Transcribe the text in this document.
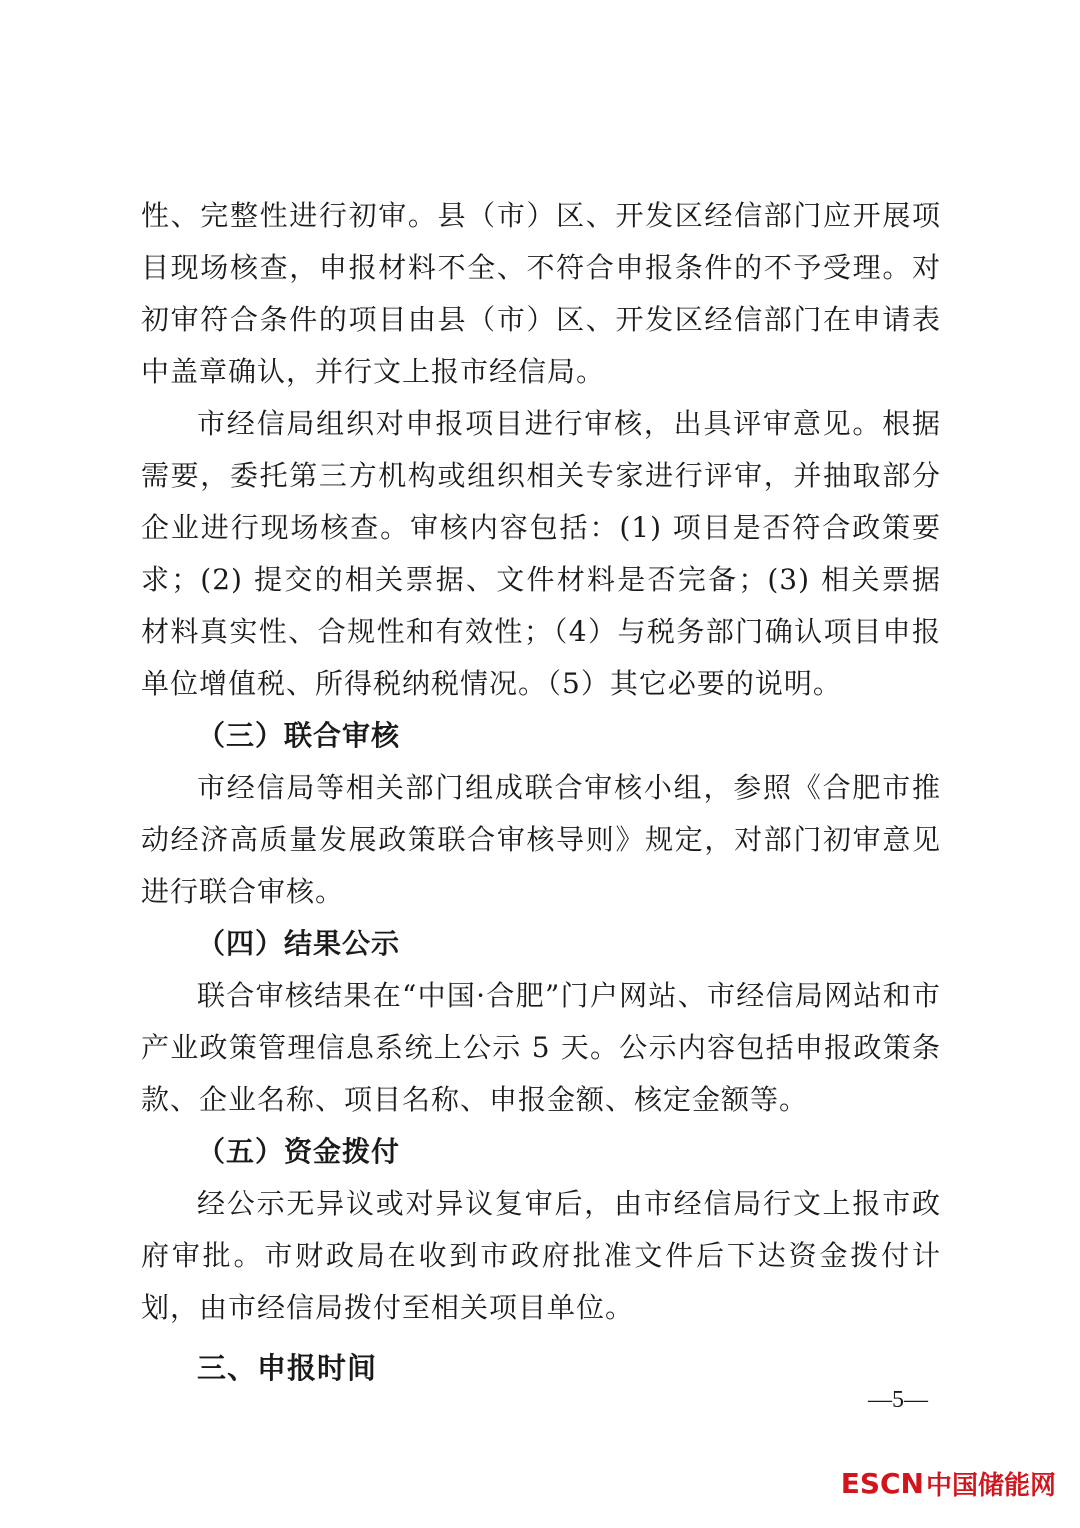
性、完整性进行初审。县（市）区、开发区经信部门应开展项目现场核查，申报材料不全、不符合申报条件的不予受理。对初审符合条件的项目由县（市）区、开发区经信部门在申请表中盖章确认，并行文上报市经信局。

市经信局组织对申报项目进行审核，出具评审意见。根据需要，委托第三方机构或组织相关专家进行评审，并抽取部分企业进行现场核查。审核内容包括：(1) 项目是否符合政策要求；(2) 提交的相关票据、文件材料是否完备；(3) 相关票据材料真实性、合规性和有效性；（4）与税务部门确认项目申报单位增值税、所得税纳税情况。（5）其它必要的说明。

（三）联合审核

市经信局等相关部门组成联合审核小组，参照《合肥市推动经济高质量发展政策联合审核导则》规定，对部门初审意见进行联合审核。

（四）结果公示

联合审核结果在“中国·合肥”门户网站、市经信局网站和市产业政策管理信息系统上公示 5 天。公示内容包括申报政策条款、企业名称、项目名称、申报金额、核定金额等。

（五）资金拨付

经公示无异议或对异议复审后，由市经信局行文上报市政府审批。市财政局在收到市政府批准文件后下达资金拨付计划，由市经信局拨付至相关项目单位。

三、申报时间

—5—
ESCN 中国储能网
